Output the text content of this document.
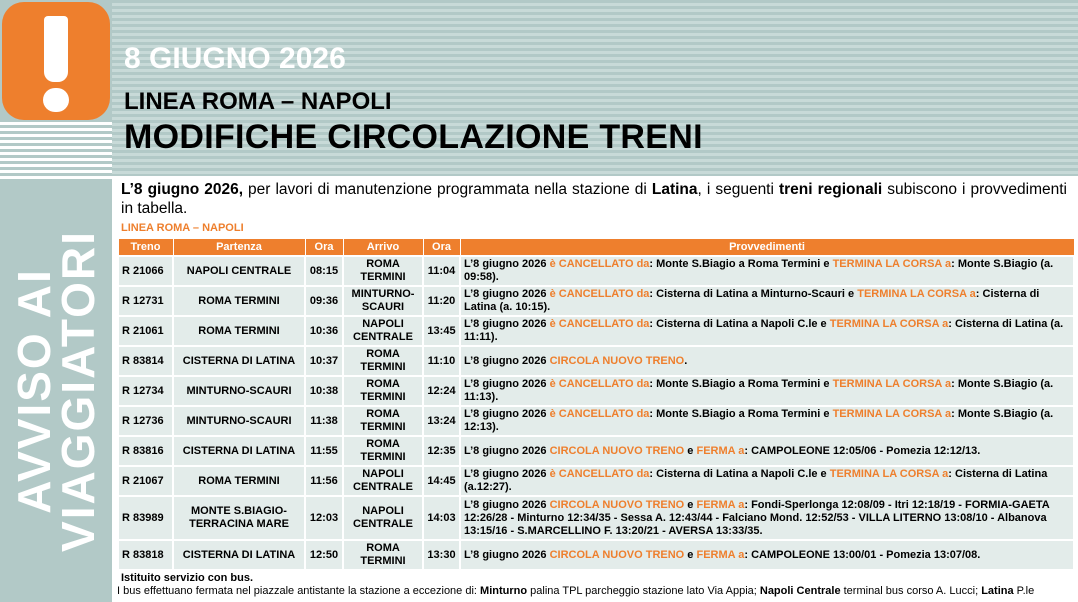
AVVISO AI
VIAGGIATORI
8 GIUGNO 2026
LINEA ROMA – NAPOLI
MODIFICHE CIRCOLAZIONE TRENI
L’8 giugno 2026, per lavori di manutenzione programmata nella stazione di Latina, i seguenti treni regionali subiscono i provvedimenti in tabella.
LINEA ROMA – NAPOLI
Treno	Partenza	Ora	Arrivo	Ora	Provvedimenti
R 21066	NAPOLI CENTRALE	08:15	ROMA TERMINI	11:04	L’8 giugno 2026 è CANCELLATO da: Monte S.Biagio a Roma Termini e TERMINA LA CORSA a: Monte S.Biagio (a. 09:58).
R 12731	ROMA TERMINI	09:36	MINTURNO-SCAURI	11:20	L’8 giugno 2026 è CANCELLATO da: Cisterna di Latina a Minturno-Scauri e TERMINA LA CORSA a: Cisterna di Latina (a. 10:15).
R 21061	ROMA TERMINI	10:36	NAPOLI CENTRALE	13:45	L’8 giugno 2026 è CANCELLATO da: Cisterna di Latina a Napoli C.le e TERMINA LA CORSA a: Cisterna di Latina (a. 11:11).
R 83814	CISTERNA DI LATINA	10:37	ROMA TERMINI	11:10	L’8 giugno 2026 CIRCOLA NUOVO TRENO.
R 12734	MINTURNO-SCAURI	10:38	ROMA TERMINI	12:24	L’8 giugno 2026 è CANCELLATO da: Monte S.Biagio a Roma Termini e TERMINA LA CORSA a: Monte S.Biagio (a. 11:13).
R 12736	MINTURNO-SCAURI	11:38	ROMA TERMINI	13:24	L’8 giugno 2026 è CANCELLATO da: Monte S.Biagio a Roma Termini e TERMINA LA CORSA a: Monte S.Biagio (a. 12:13).
R 83816	CISTERNA DI LATINA	11:55	ROMA TERMINI	12:35	L’8 giugno 2026 CIRCOLA NUOVO TRENO e FERMA a: CAMPOLEONE 12:05/06 - Pomezia 12:12/13.
R 21067	ROMA TERMINI	11:56	NAPOLI CENTRALE	14:45	L’8 giugno 2026 è CANCELLATO da: Cisterna di Latina a Napoli C.le e TERMINA LA CORSA a: Cisterna di Latina (a.12:27).
R 83989	MONTE S.BIAGIO-TERRACINA MARE	12:03	NAPOLI CENTRALE	14:03	L’8 giugno 2026 CIRCOLA NUOVO TRENO e FERMA a: Fondi-Sperlonga 12:08/09 - Itri 12:18/19 - FORMIA-GAETA 12:26/28 - Minturno 12:34/35 - Sessa A. 12:43/44 - Falciano Mond. 12:52/53 - VILLA LITERNO 13:08/10 - Albanova 13:15/16 - S.MARCELLINO F. 13:20/21 - AVERSA 13:33/35.
R 83818	CISTERNA DI LATINA	12:50	ROMA TERMINI	13:30	L’8 giugno 2026 CIRCOLA NUOVO TRENO e FERMA a: CAMPOLEONE 13:00/01 - Pomezia 13:07/08.
Istituito servizio con bus.
I bus effettuano fermata nel piazzale antistante la stazione a eccezione di: Minturno palina TPL parcheggio stazione lato Via Appia; Napoli Centrale terminal bus corso A. Lucci; Latina P.le
